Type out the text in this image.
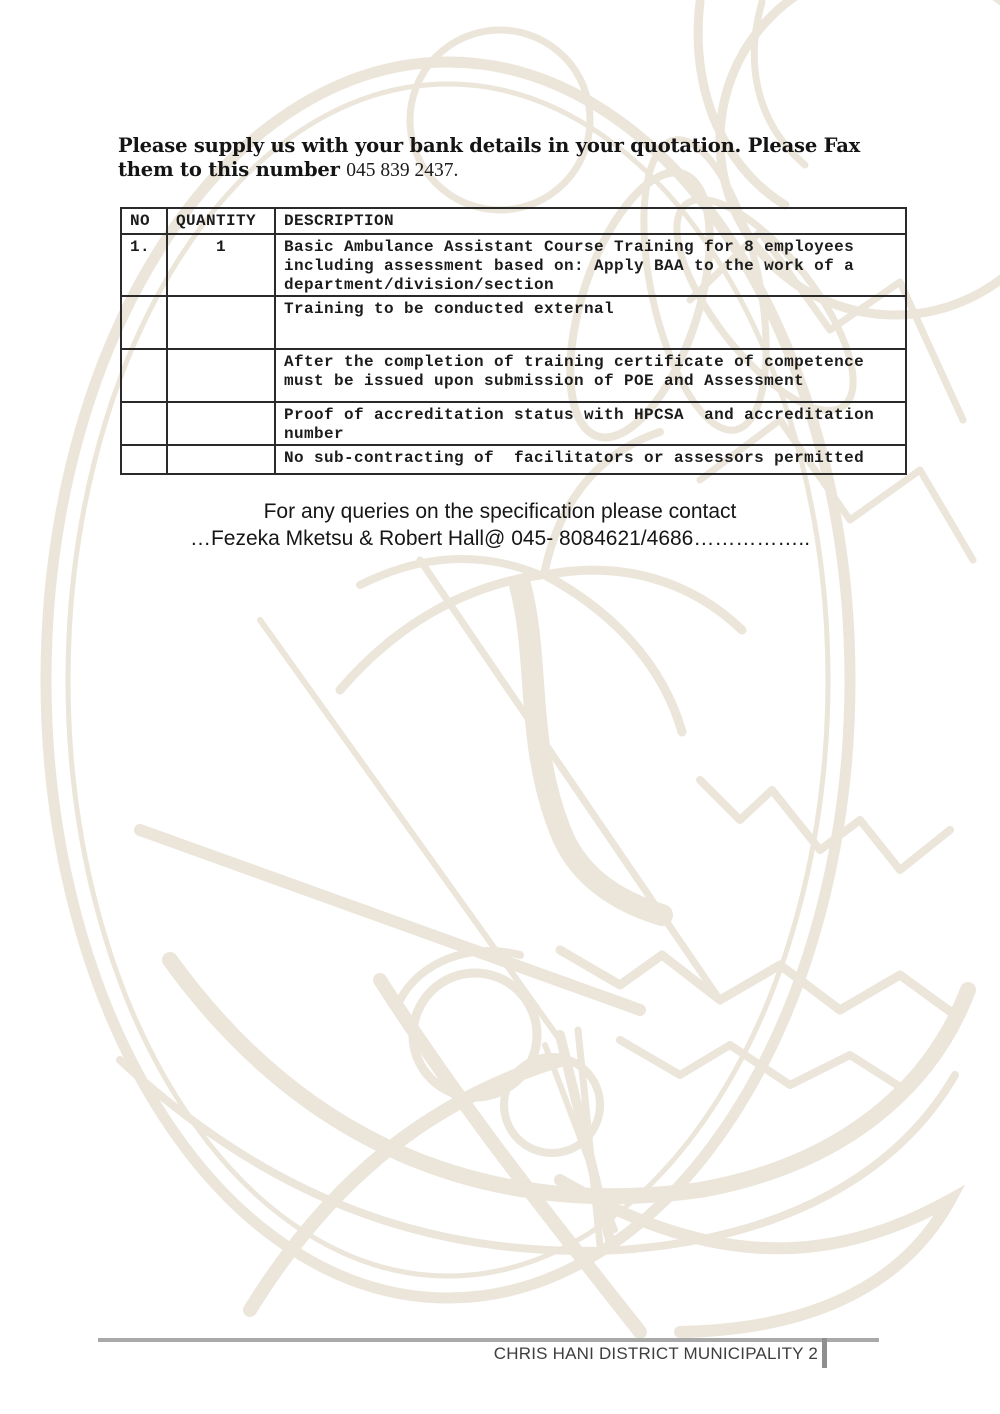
Please supply us with your bank details in your quotation. Please Fax
them to this number 045 839 2437.

NO	QUANTITY	DESCRIPTION
1.	1	Basic Ambulance Assistant Course Training for 8 employees including assessment based on: Apply BAA to the work of a department/division/section
		Training to be conducted external
		After the completion of training certificate of competence must be issued upon submission of POE and Assessment
		Proof of accreditation status with HPCSA  and accreditation number
		No sub-contracting of  facilitators or assessors permitted
For any queries on the specification please contact
…Fezeka Mketsu & Robert Hall@ 045- 8084621/4686……………..
CHRIS HANI DISTRICT MUNICIPALITY 2
